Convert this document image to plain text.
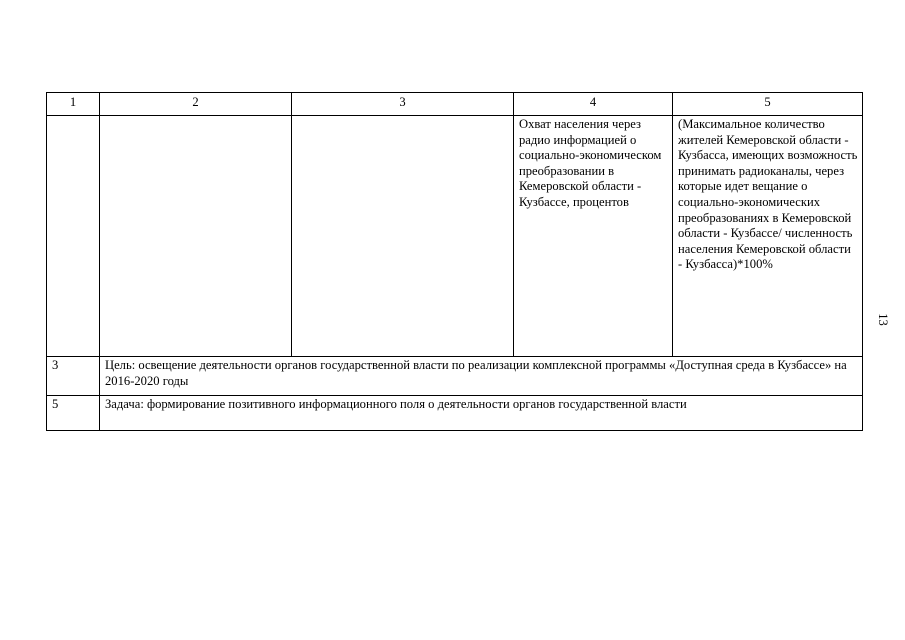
1	2	3	4	5
			Охват населения через радио информацией о социально-экономическом преобразовании в Кемеровской области - Кузбассе, процентов	(Максимальное количество жителей Кемеровской области - Кузбасса, имеющих возможность принимать радиоканалы, через которые идет вещание о социально-экономических преобразованиях в Кемеровской области - Кузбассе/ численность населения Кемеровской области - Кузбасса)*100%
3	Цель: освещение деятельности органов государственной власти по реализации комплексной программы «Доступная среда в Кузбассе» на 2016-2020 годы			
5	Задача: формирование позитивного информационного поля о деятельности органов государственной власти			
13
